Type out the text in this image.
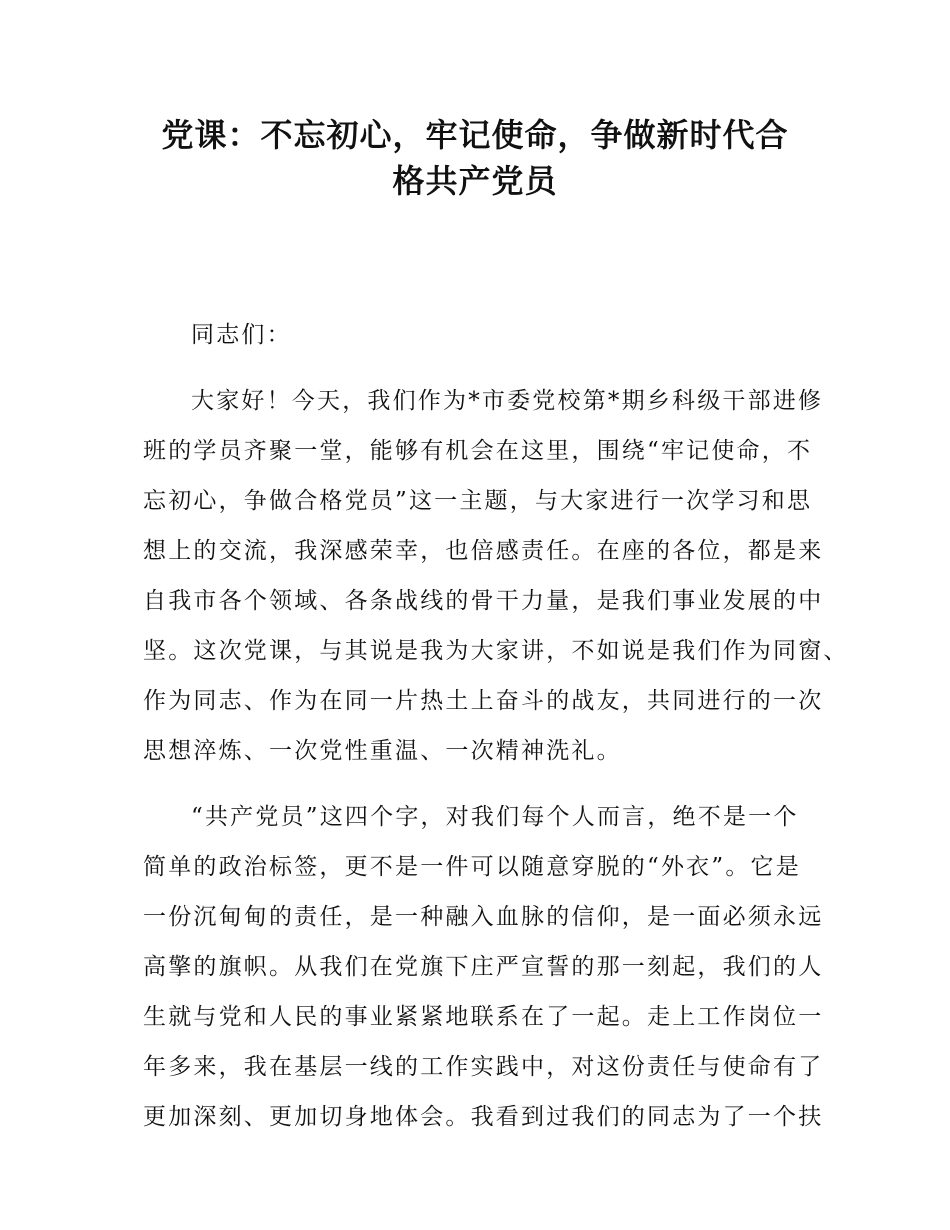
党课：不忘初心，牢记使命，争做新时代合
格共产党员

同志们：

大家好！今天，我们作为*市委党校第*期乡科级干部进修
班的学员齐聚一堂，能够有机会在这里，围绕“牢记使命，不
忘初心，争做合格党员”这一主题，与大家进行一次学习和思
想上的交流，我深感荣幸，也倍感责任。在座的各位，都是来
自我市各个领域、各条战线的骨干力量，是我们事业发展的中
坚。这次党课，与其说是我为大家讲，不如说是我们作为同窗、
作为同志、作为在同一片热土上奋斗的战友，共同进行的一次
思想淬炼、一次党性重温、一次精神洗礼。

“共产党员”这四个字，对我们每个人而言，绝不是一个
简单的政治标签，更不是一件可以随意穿脱的“外衣”。它是
一份沉甸甸的责任，是一种融入血脉的信仰，是一面必须永远
高擎的旗帜。从我们在党旗下庄严宣誓的那一刻起，我们的人
生就与党和人民的事业紧紧地联系在了一起。走上工作岗位一
年多来，我在基层一线的工作实践中，对这份责任与使命有了
更加深刻、更加切身地体会。我看到过我们的同志为了一个扶
